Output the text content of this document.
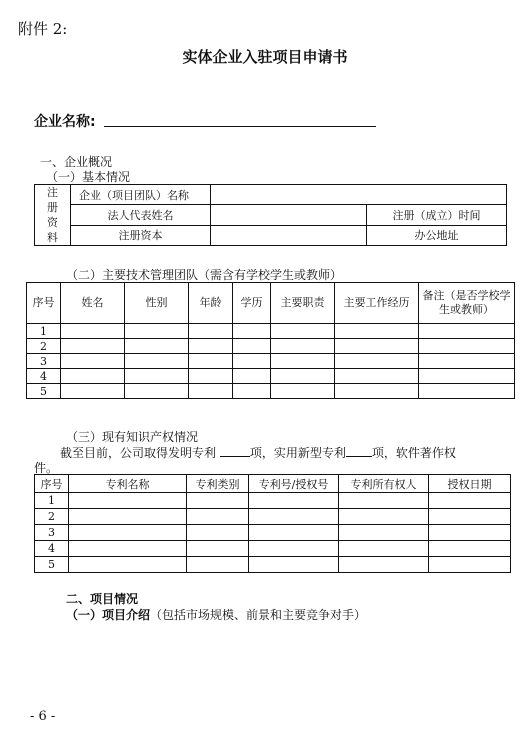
附件 2:
实体企业入驻项目申请书
企业名称:
一、企业概况
（一）基本情况
注
册
资
料	企业（项目团队）名称		
	法人代表姓名		注册（成立）时间
	注册资本		办公地址
（二）主要技术管理团队（需含有学校学生或教师）
序号	姓名	性别	年龄	学历	主要职责	主要工作经历	备注（是否学校学生或教师）
1							
2							
3							
4							
5							
（三）现有知识产权情况
截至目前，公司取得发明专利	项，实用新型专利 项，软件著作权
件。
序号	专利名称	专利类别	专利号/授权号	专利所有权人	授权日期
1					
2					
3					
4					
5					
二、项目情况
（一）项目介绍（包括市场规模、前景和主要竞争对手）
- 6 -
